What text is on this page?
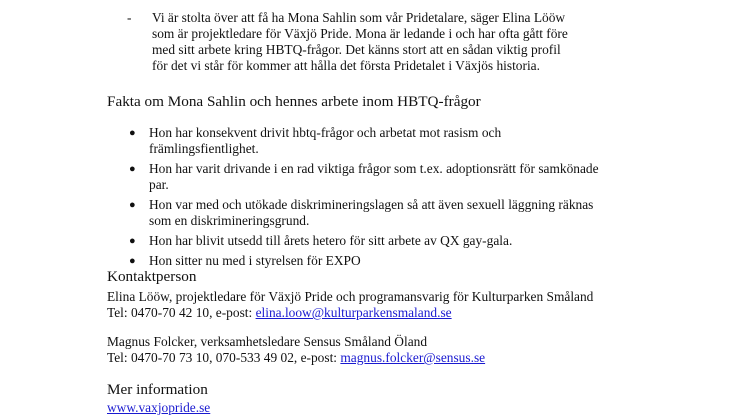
- Vi är stolta över att få ha Mona Sahlin som vår Pridetalare, säger Elina Lööw som är projektledare för Växjö Pride. Mona är ledande i och har ofta gått före med sitt arbete kring HBTQ-frågor. Det känns stort att en sådan viktig profil för det vi står för kommer att hålla det första Pridetalet i Växjös historia.
Fakta om Mona Sahlin och hennes arbete inom HBTQ-frågor
● Hon har konsekvent drivit hbtq-frågor och arbetat mot rasism och främlingsfientlighet.
● Hon har varit drivande i en rad viktiga frågor som t.ex. adoptionsrätt för samkönade par.
● Hon var med och utökade diskrimineringslagen så att även sexuell läggning räknas som en diskrimineringsgrund.
● Hon har blivit utsedd till årets hetero för sitt arbete av QX gay-gala.
● Hon sitter nu med i styrelsen för EXPO
Kontaktperson
Elina Lööw, projektledare för Växjö Pride och programansvarig för Kulturparken Småland
Tel: 0470-70 42 10, e-post: elina.loow@kulturparkensmaland.se
Magnus Folcker, verksamhetsledare Sensus Småland Öland
Tel: 0470-70 73 10, 070-533 49 02, e-post: magnus.folcker@sensus.se
Mer information
www.vaxjopride.se
